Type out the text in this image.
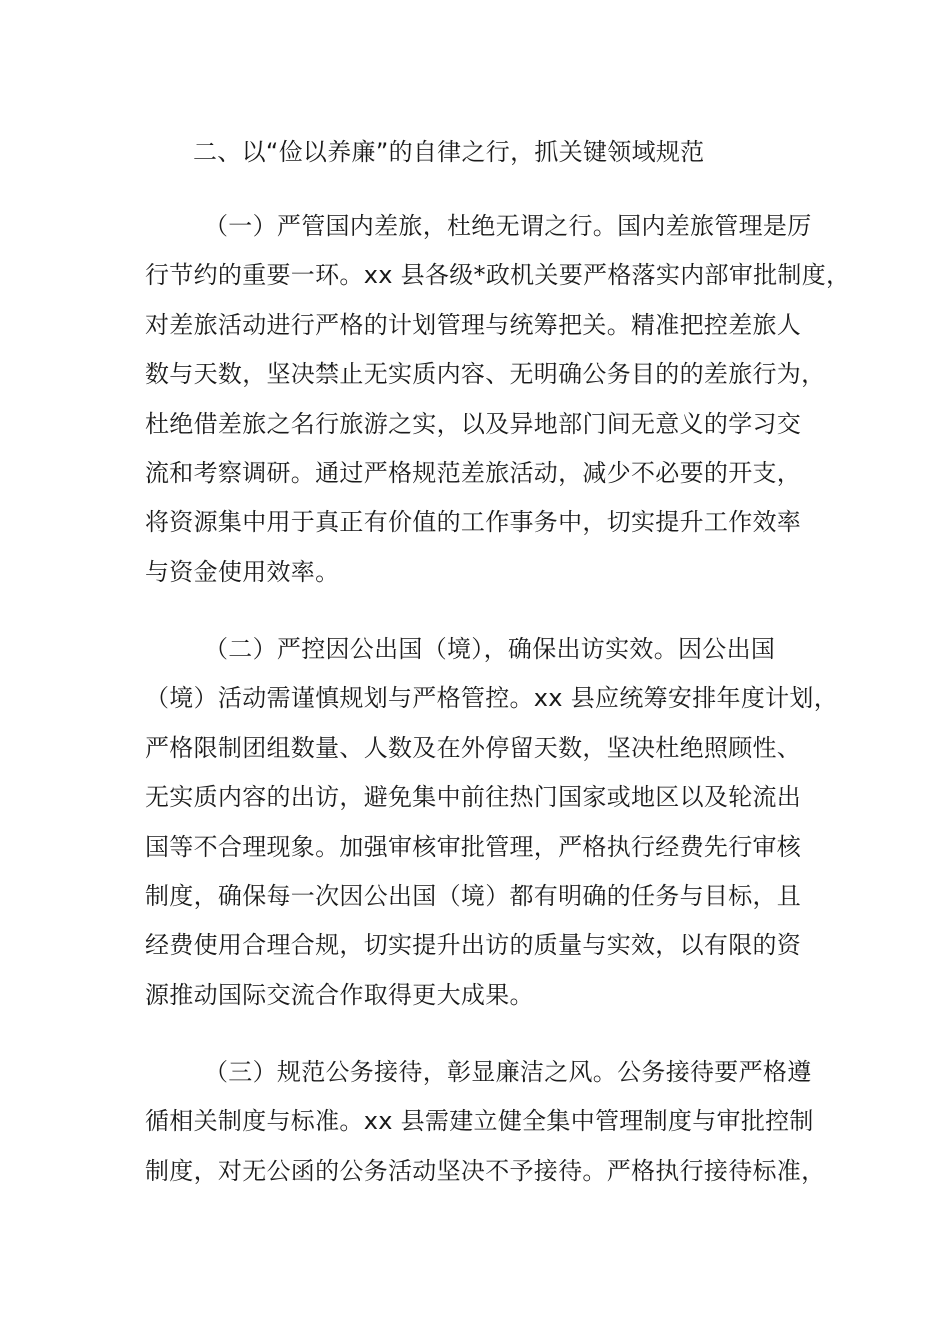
二、以“俭以养廉”的自律之行，抓关键领域规范
（一）严管国内差旅，杜绝无谓之行。国内差旅管理是厉
行节约的重要一环。xx 县各级*政机关要严格落实内部审批制度，
对差旅活动进行严格的计划管理与统筹把关。精准把控差旅人
数与天数，坚决禁止无实质内容、无明确公务目的的差旅行为，
杜绝借差旅之名行旅游之实，以及异地部门间无意义的学习交
流和考察调研。通过严格规范差旅活动，减少不必要的开支，
将资源集中用于真正有价值的工作事务中，切实提升工作效率
与资金使用效率。
（二）严控因公出国（境），确保出访实效。因公出国
（境）活动需谨慎规划与严格管控。xx 县应统筹安排年度计划，
严格限制团组数量、人数及在外停留天数，坚决杜绝照顾性、
无实质内容的出访，避免集中前往热门国家或地区以及轮流出
国等不合理现象。加强审核审批管理，严格执行经费先行审核
制度，确保每一次因公出国（境）都有明确的任务与目标，且
经费使用合理合规，切实提升出访的质量与实效，以有限的资
源推动国际交流合作取得更大成果。
（三）规范公务接待，彰显廉洁之风。公务接待要严格遵
循相关制度与标准。xx 县需建立健全集中管理制度与审批控制
制度，对无公函的公务活动坚决不予接待。严格执行接待标准，
